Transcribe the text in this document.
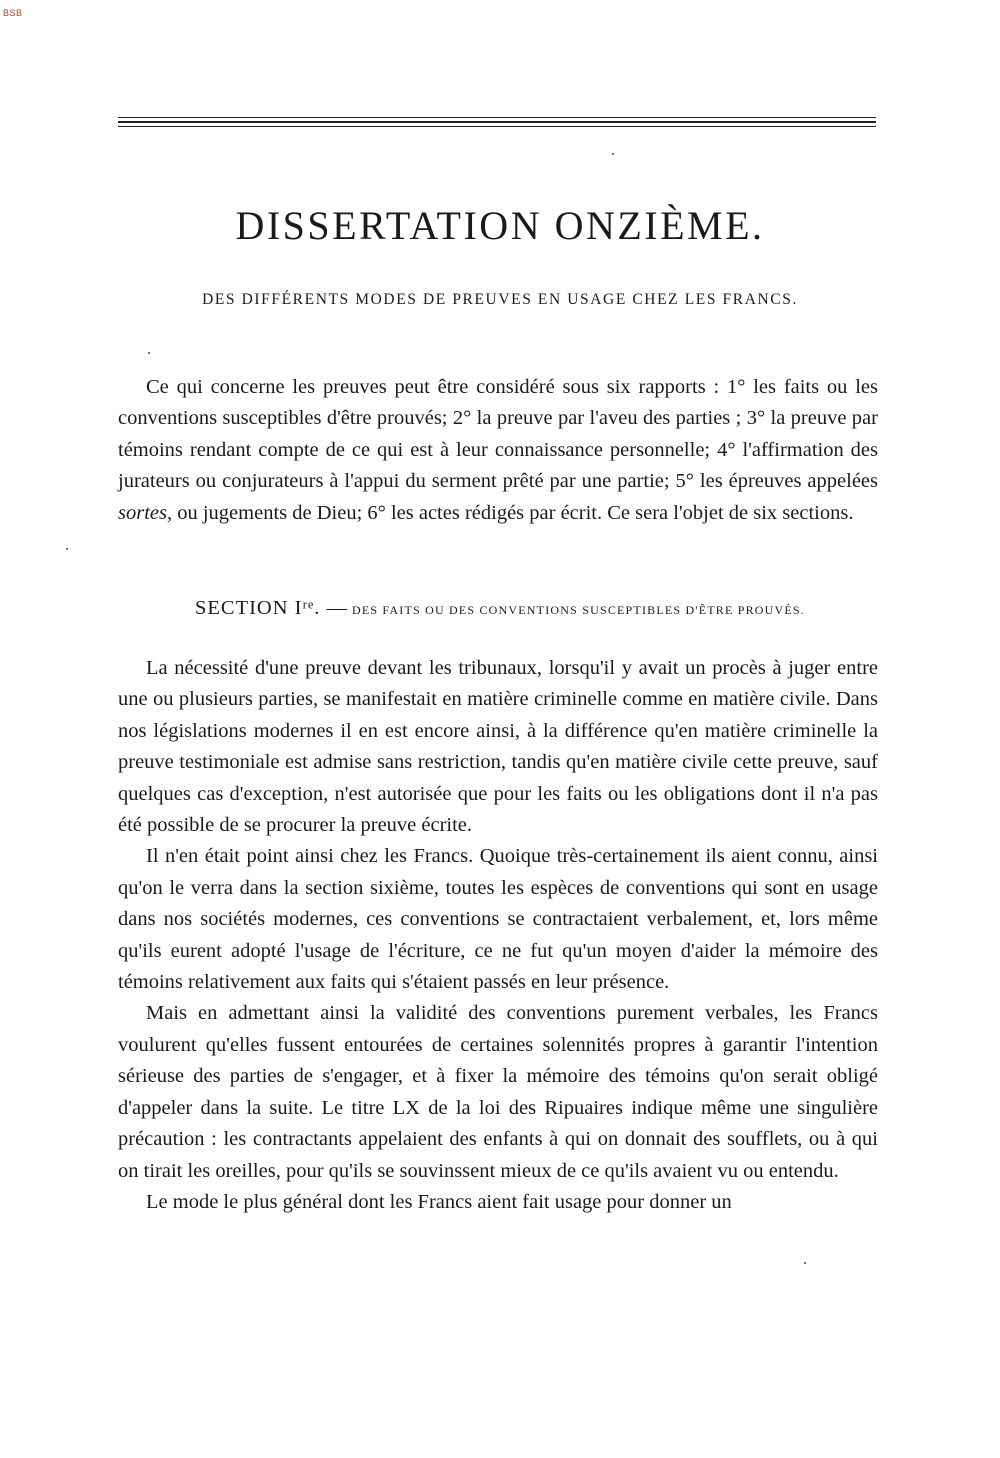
BSB
DISSERTATION ONZIÈME.
DES DIFFÉRENTS MODES DE PREUVES EN USAGE CHEZ LES FRANCS.

Ce qui concerne les preuves peut être considéré sous six rapports : 1° les faits ou les conventions susceptibles d'être prouvés; 2° la preuve par l'aveu des parties ; 3° la preuve par témoins rendant compte de ce qui est à leur connaissance personnelle; 4° l'affirmation des jurateurs ou conjurateurs à l'appui du serment prêté par une partie; 5° les épreuves appelées sortes, ou jugements de Dieu; 6° les actes rédigés par écrit. Ce sera l'objet de six sections.

SECTION Iʳᵉ. — DES FAITS OU DES CONVENTIONS SUSCEPTIBLES D'ÊTRE PROUVÉS.

La nécessité d'une preuve devant les tribunaux, lorsqu'il y avait un procès à juger entre une ou plusieurs parties, se manifestait en matière criminelle comme en matière civile. Dans nos législations modernes il en est encore ainsi, à la différence qu'en matière criminelle la preuve testimoniale est admise sans restriction, tandis qu'en matière civile cette preuve, sauf quelques cas d'exception, n'est autorisée que pour les faits ou les obligations dont il n'a pas été possible de se procurer la preuve écrite.

Il n'en était point ainsi chez les Francs. Quoique très-certainement ils aient connu, ainsi qu'on le verra dans la section sixième, toutes les espèces de conventions qui sont en usage dans nos sociétés modernes, ces conventions se contractaient verbalement, et, lors même qu'ils eurent adopté l'usage de l'écriture, ce ne fut qu'un moyen d'aider la mémoire des témoins relativement aux faits qui s'étaient passés en leur présence.

Mais en admettant ainsi la validité des conventions purement verbales, les Francs voulurent qu'elles fussent entourées de certaines solennités propres à garantir l'intention sérieuse des parties de s'engager, et à fixer la mémoire des témoins qu'on serait obligé d'appeler dans la suite. Le titre LX de la loi des Ripuaires indique même une singulière précaution : les contractants appelaient des enfants à qui on donnait des soufflets, ou à qui on tirait les oreilles, pour qu'ils se souvinssent mieux de ce qu'ils avaient vu ou entendu.

Le mode le plus général dont les Francs aient fait usage pour donner un
